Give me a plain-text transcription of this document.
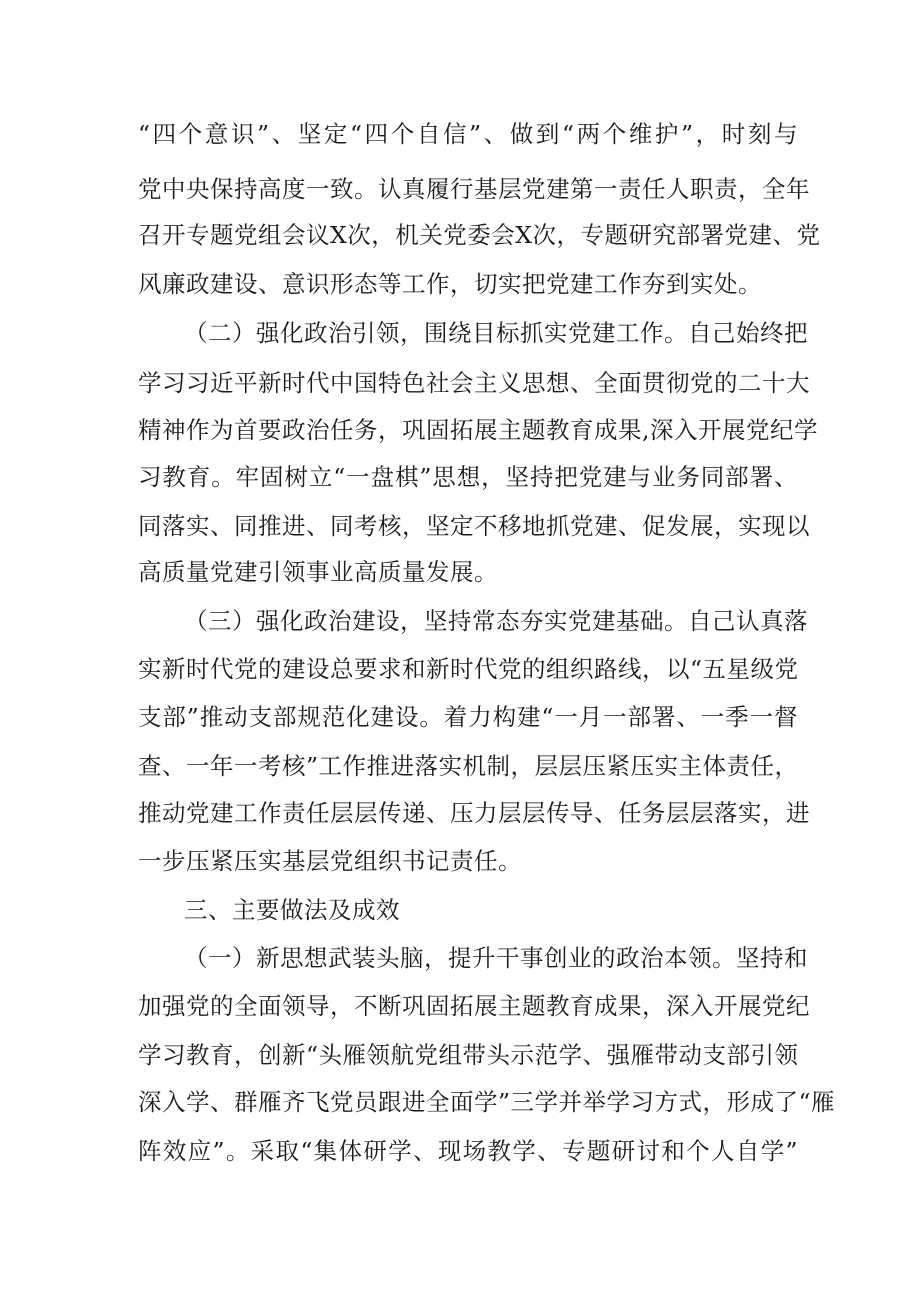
“四个意识”、坚定“四个自信”、做到“两个维护”，时刻与
党中央保持高度一致。认真履行基层党建第一责任人职责，全年
召开专题党组会议X次，机关党委会X次，专题研究部署党建、党
风廉政建设、意识形态等工作，切实把党建工作夯到实处。
（二）强化政治引领，围绕目标抓实党建工作。自己始终把
学习习近平新时代中国特色社会主义思想、全面贯彻党的二十大
精神作为首要政治任务，巩固拓展主题教育成果,深入开展党纪学
习教育。牢固树立“一盘棋”思想，坚持把党建与业务同部署、
同落实、同推进、同考核，坚定不移地抓党建、促发展，实现以
高质量党建引领事业高质量发展。
（三）强化政治建设，坚持常态夯实党建基础。自己认真落
实新时代党的建设总要求和新时代党的组织路线，以“五星级党
支部”推动支部规范化建设。着力构建“一月一部署、一季一督
查、一年一考核”工作推进落实机制，层层压紧压实主体责任，
推动党建工作责任层层传递、压力层层传导、任务层层落实，进
一步压紧压实基层党组织书记责任。
三、主要做法及成效
（一）新思想武装头脑，提升干事创业的政治本领。坚持和
加强党的全面领导，不断巩固拓展主题教育成果，深入开展党纪
学习教育，创新“头雁领航党组带头示范学、强雁带动支部引领
深入学、群雁齐飞党员跟进全面学”三学并举学习方式，形成了“雁
阵效应”。采取“集体研学、现场教学、专题研讨和个人自学”
